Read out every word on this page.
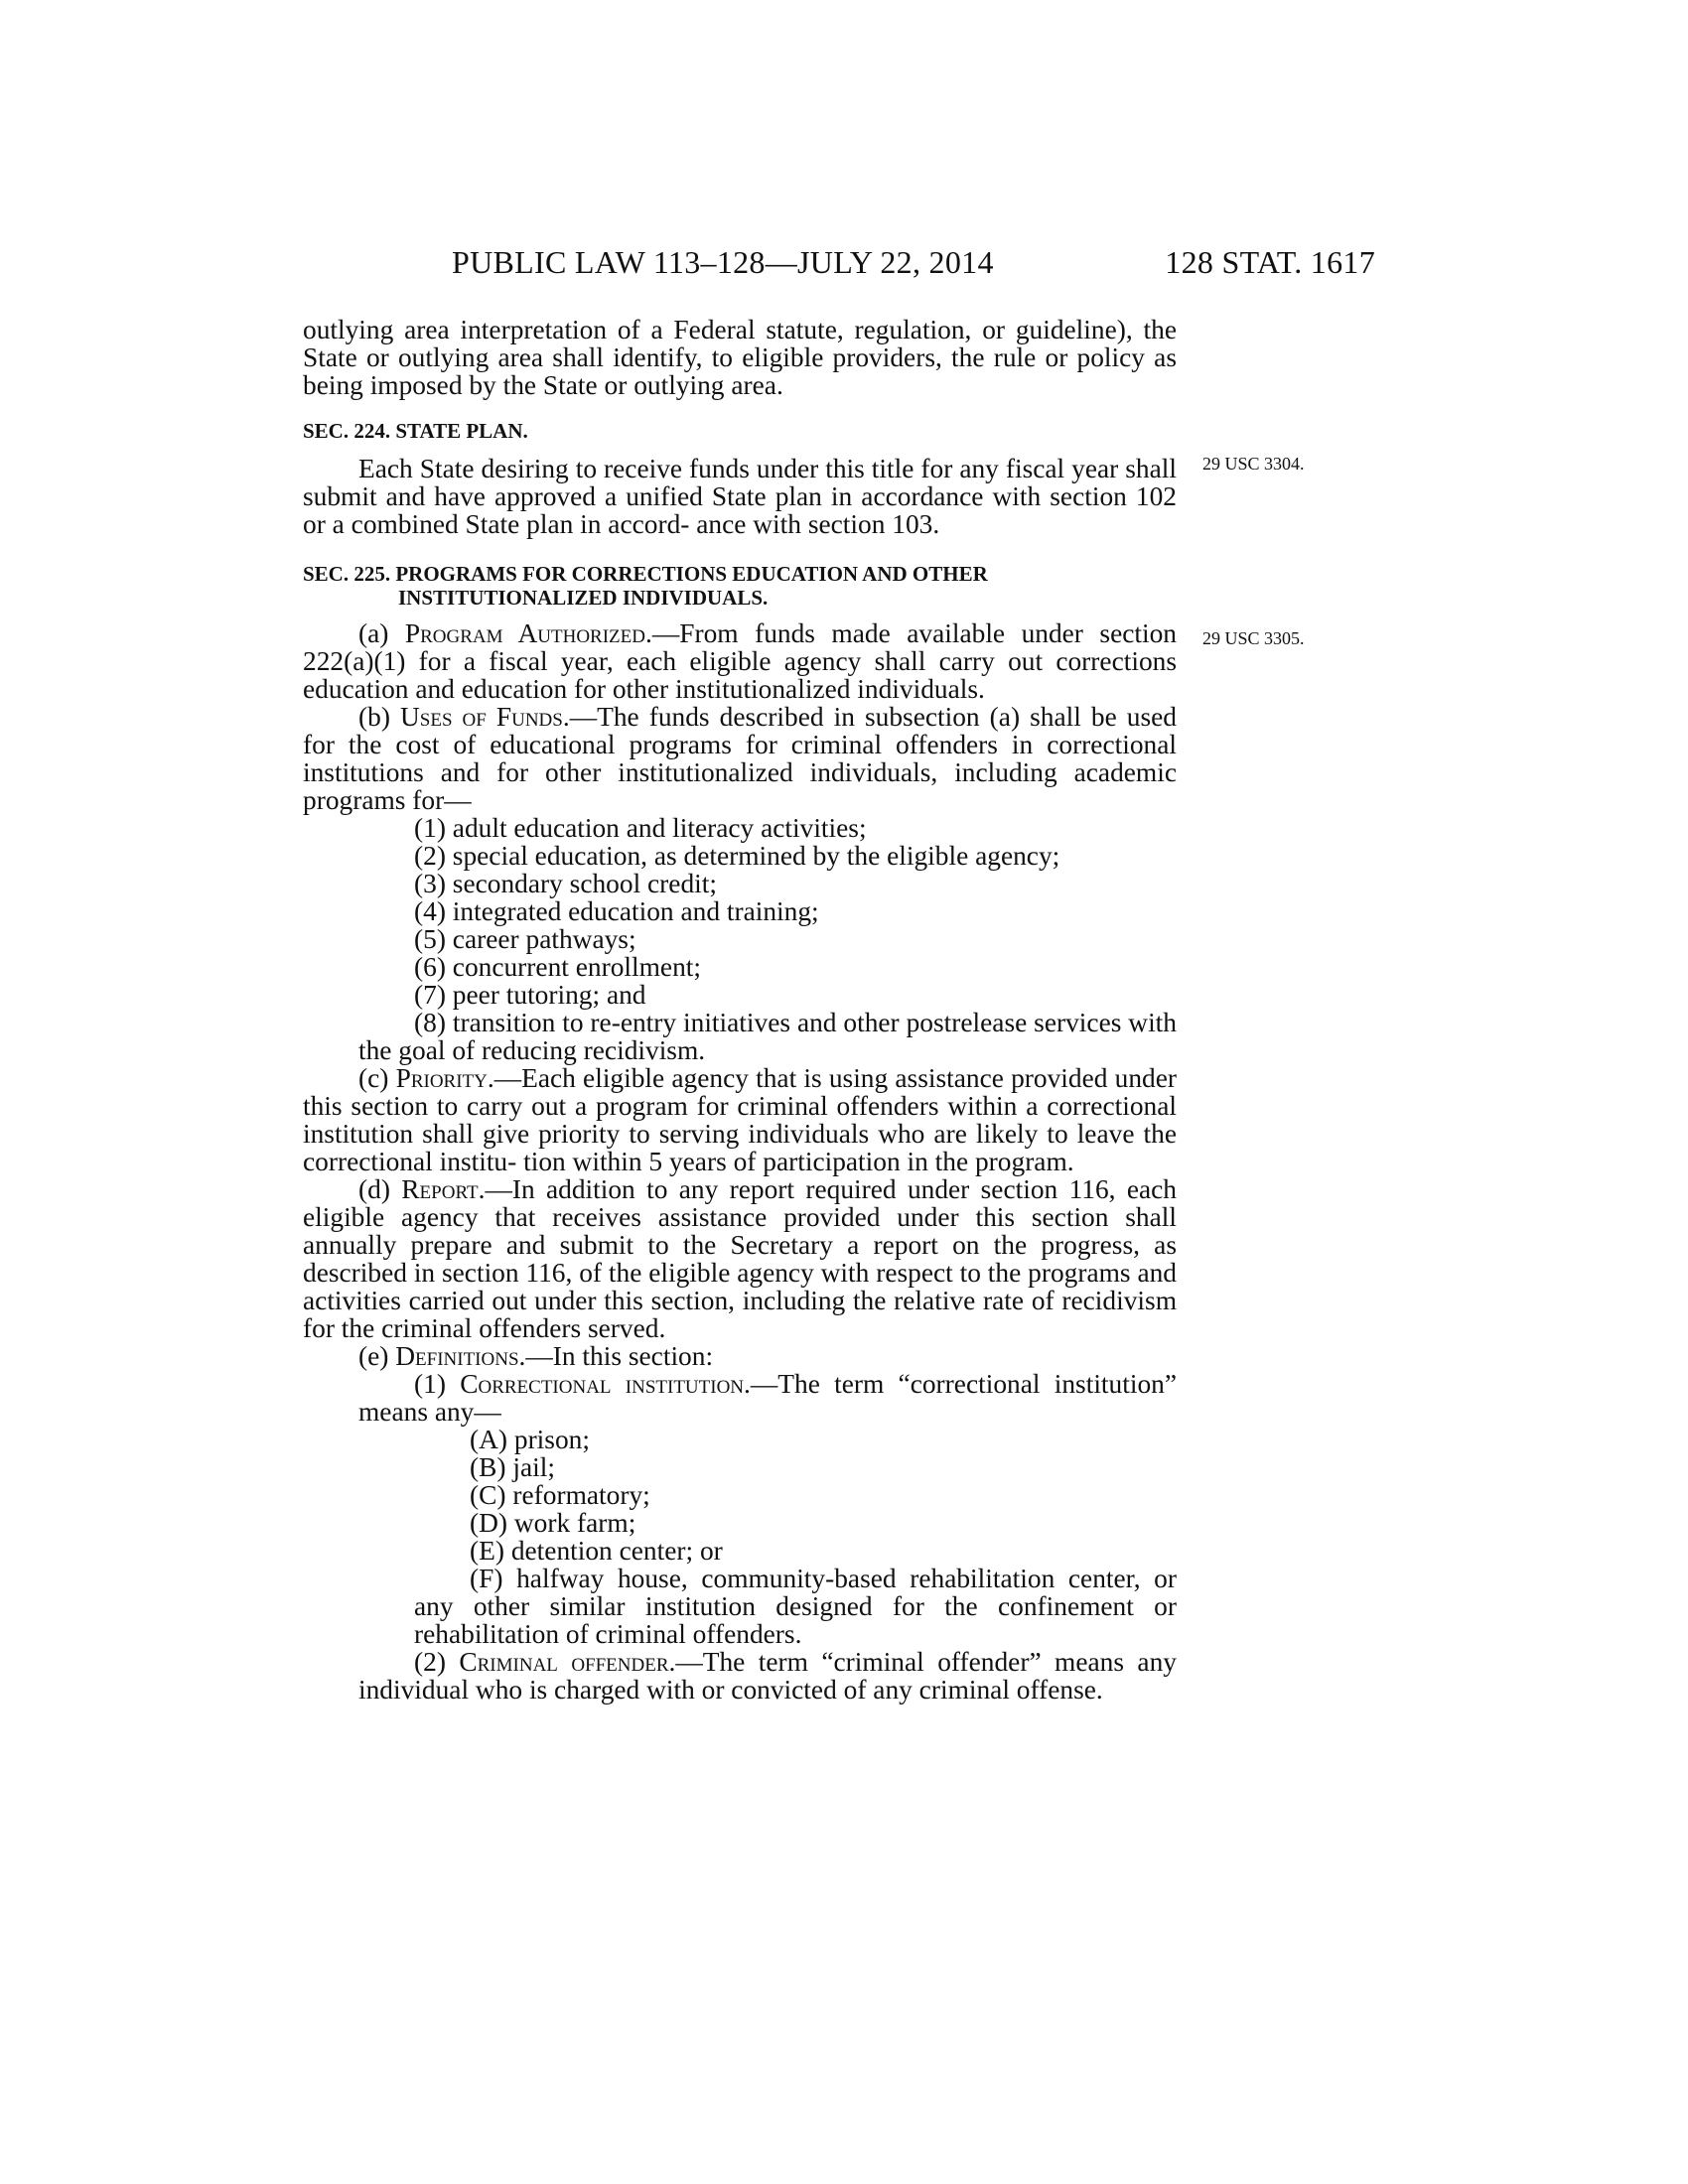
PUBLIC LAW 113–128—JULY 22, 2014	128 STAT. 1617
29 USC 3304.
29 USC 3305.

outlying area interpretation of a Federal statute, regulation, or guideline), the State or outlying area shall identify, to eligible providers, the rule or policy as being imposed by the State or outlying area.

SEC. 224. STATE PLAN.

Each State desiring to receive funds under this title for any fiscal year shall submit and have approved a unified State plan in accordance with section 102 or a combined State plan in accord- ance with section 103.

SEC. 225. PROGRAMS FOR CORRECTIONS EDUCATION AND OTHER INSTITUTIONALIZED INDIVIDUALS.

(a) Program Authorized.—From funds made available under section 222(a)(1) for a fiscal year, each eligible agency shall carry out corrections education and education for other institutionalized individuals.

(b) Uses of Funds.—The funds described in subsection (a) shall be used for the cost of educational programs for criminal offenders in correctional institutions and for other institutionalized individuals, including academic programs for—

(1) adult education and literacy activities;

(2) special education, as determined by the eligible agency;

(3) secondary school credit;

(4) integrated education and training;

(5) career pathways;

(6) concurrent enrollment;

(7) peer tutoring; and

(8) transition to re-entry initiatives and other postrelease services with the goal of reducing recidivism.

(c) Priority.—Each eligible agency that is using assistance provided under this section to carry out a program for criminal offenders within a correctional institution shall give priority to serving individuals who are likely to leave the correctional institu- tion within 5 years of participation in the program.

(d) Report.—In addition to any report required under section 116, each eligible agency that receives assistance provided under this section shall annually prepare and submit to the Secretary a report on the progress, as described in section 116, of the eligible agency with respect to the programs and activities carried out under this section, including the relative rate of recidivism for the criminal offenders served.

(e) Definitions.—In this section:

(1) Correctional institution.—The term “correctional institution” means any—

(A) prison;

(B) jail;

(C) reformatory;

(D) work farm;

(E) detention center; or

(F) halfway house, community-based rehabilitation center, or any other similar institution designed for the confinement or rehabilitation of criminal offenders.

(2) Criminal offender.—The term “criminal offender” means any individual who is charged with or convicted of any criminal offense.
